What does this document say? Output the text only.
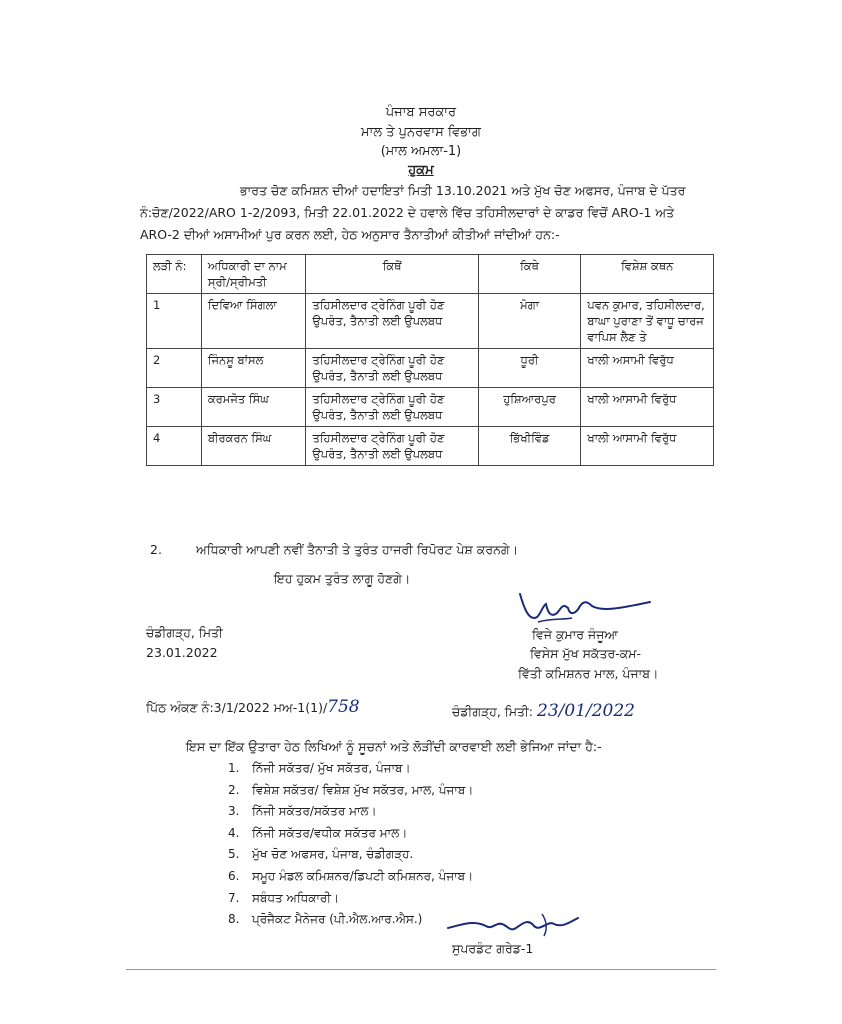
ਪੰਜਾਬ ਸਰਕਾਰ
ਮਾਲ ਤੇ ਪੁਨਰਵਾਸ ਵਿਭਾਗ
(ਮਾਲ ਅਮਲਾ-1)
ਹੁਕਮ

ਭਾਰਤ ਚੋਣ ਕਮਿਸ਼ਨ ਦੀਆਂ ਹਦਾਇਤਾਂ ਮਿਤੀ 13.10.2021 ਅਤੇ ਮੁੱਖ ਚੋਣ ਅਫਸਰ, ਪੰਜਾਬ ਦੇ ਪੱਤਰ

ਨੰ:ਚੋਣ/2022/ARO 1-2/2093, ਮਿਤੀ 22.01.2022 ਦੇ ਹਵਾਲੇ ਵਿੱਚ ਤਹਿਸੀਲਦਾਰਾਂ ਦੇ ਕਾਡਰ ਵਿਚੋਂ ARO-1 ਅਤੇ

ARO-2 ਦੀਆਂ ਅਸਾਮੀਆਂ ਪੁਰ ਕਰਨ ਲਈ, ਹੇਠ ਅਨੁਸਾਰ ਤੈਨਾਤੀਆਂ ਕੀਤੀਆਂ ਜਾਂਦੀਆਂ ਹਨ:-

ਲੜੀ ਨੰ:	ਅਧਿਕਾਰੀ ਦਾ ਨਾਮ ਸ੍ਰੀ/ਸ੍ਰੀਮਤੀ	ਕਿਥੋਂ	ਕਿਥੇ	ਵਿਸ਼ੇਸ਼ ਕਥਨ
1	ਦਿਵਿਆ ਸਿੰਗਲਾ	ਤਹਿਸੀਲਦਾਰ ਟ੍ਰੇਨਿੰਗ ਪੂਰੀ ਹੋਣ ਉਪਰੰਤ, ਤੈਨਾਤੀ ਲਈ ਉਪਲਬਧ	ਮੋਗਾ	ਪਵਨ ਕੁਮਾਰ, ਤਹਿਸੀਲਦਾਰ, ਬਾਘਾ ਪੁਰਾਣਾ ਤੋਂ ਵਾਧੂ ਚਾਰਜ ਵਾਪਿਸ ਲੈਣ ਤੇ
2	ਜਿੰਨਸੂ ਬਾਂਸਲ	ਤਹਿਸੀਲਦਾਰ ਟ੍ਰੇਨਿੰਗ ਪੂਰੀ ਹੋਣ ਉਪਰੰਤ, ਤੈਨਾਤੀ ਲਈ ਉਪਲਬਧ	ਧੂਰੀ	ਖਾਲੀ ਅਸਾਮੀ ਵਿਰੁੱਧ
3	ਕਰਮਜੋਤ ਸਿੰਘ	ਤਹਿਸੀਲਦਾਰ ਟ੍ਰੇਨਿੰਗ ਪੂਰੀ ਹੋਣ ਉਪਰੰਤ, ਤੈਨਾਤੀ ਲਈ ਉਪਲਬਧ	ਹੁਸ਼ਿਆਰਪੁਰ	ਖਾਲੀ ਆਸਾਮੀ ਵਿਰੁੱਧ
4	ਬੀਰਕਰਨ ਸਿੰਘ	ਤਹਿਸੀਲਦਾਰ ਟ੍ਰੇਨਿੰਗ ਪੂਰੀ ਹੋਣ ਉਪਰੰਤ, ਤੈਨਾਤੀ ਲਈ ਉਪਲਬਧ	ਭਿੱਖੀਵਿੰਡ	ਖਾਲੀ ਆਸਾਮੀ ਵਿਰੁੱਧ
2.	ਅਧਿਕਾਰੀ ਆਪਣੀ ਨਵੀਂ ਤੈਨਾਤੀ ਤੇ ਤੁਰੰਤ ਹਾਜਰੀ ਰਿਪੋਰਟ ਪੇਸ਼ ਕਰਨਗੇ।
ਇਹ ਹੁਕਮ ਤੁਰੰਤ ਲਾਗੂ ਹੋਣਗੇ।
ਚੰਡੀਗੜ੍ਹ, ਮਿਤੀ
23.01.2022
ਵਿਜੇ ਕੁਮਾਰ ਜੰਜੂਆ
ਵਿਸੇਸ ਮੁੱਖ ਸਕੱਤਰ-ਕਮ-
ਵਿੱਤੀ ਕਮਿਸ਼ਨਰ ਮਾਲ, ਪੰਜਾਬ।
ਪਿੱਠ ਅੰਕਣ ਨੰ:3/1/2022 ਮਅ-1(1)/758	ਚੰਡੀਗੜ੍ਹ, ਮਿਤੀ: 23/01/2022
ਇਸ ਦਾ ਇੱਕ ਉਤਾਰਾ ਹੇਠ ਲਿਖਿਆਂ ਨੂੰ ਸੂਚਨਾਂ ਅਤੇ ਲੋੜੀਂਦੀ ਕਾਰਵਾਈ ਲਈ ਭੇਜਿਆ ਜਾਂਦਾ ਹੈ:-
1.	ਨਿੱਜੀ ਸਕੱਤਰ/ ਮੁੱਖ ਸਕੱਤਰ, ਪੰਜਾਬ।
2.	ਵਿਸ਼ੇਸ਼ ਸਕੱਤਰ/ ਵਿਸ਼ੇਸ਼ ਮੁੱਖ ਸਕੱਤਰ, ਮਾਲ, ਪੰਜਾਬ।
3.	ਨਿੱਜੀ ਸਕੱਤਰ/ਸਕੱਤਰ ਮਾਲ।
4.	ਨਿੱਜੀ ਸਕੱਤਰ/ਵਧੀਕ ਸਕੱਤਰ ਮਾਲ।
5.	ਮੁੱਖ ਚੋਣ ਅਫਸਰ, ਪੰਜਾਬ, ਚੰਡੀਗੜ੍ਹ.
6.	ਸਮੂਹ ਮੰਡਲ ਕਮਿਸ਼ਨਰ/ਡਿਪਟੀ ਕਮਿਸ਼ਨਰ, ਪੰਜਾਬ।
7.	ਸਬੰਧਤ ਅਧਿਕਾਰੀ।
8.	ਪ੍ਰੋਜੈਕਟ ਮੈਨੇਜਰ (ਪੀ.ਐਲ.ਆਰ.ਐਸ.)
ਸੁਪਰਡੰਟ ਗਰੇਡ-1
